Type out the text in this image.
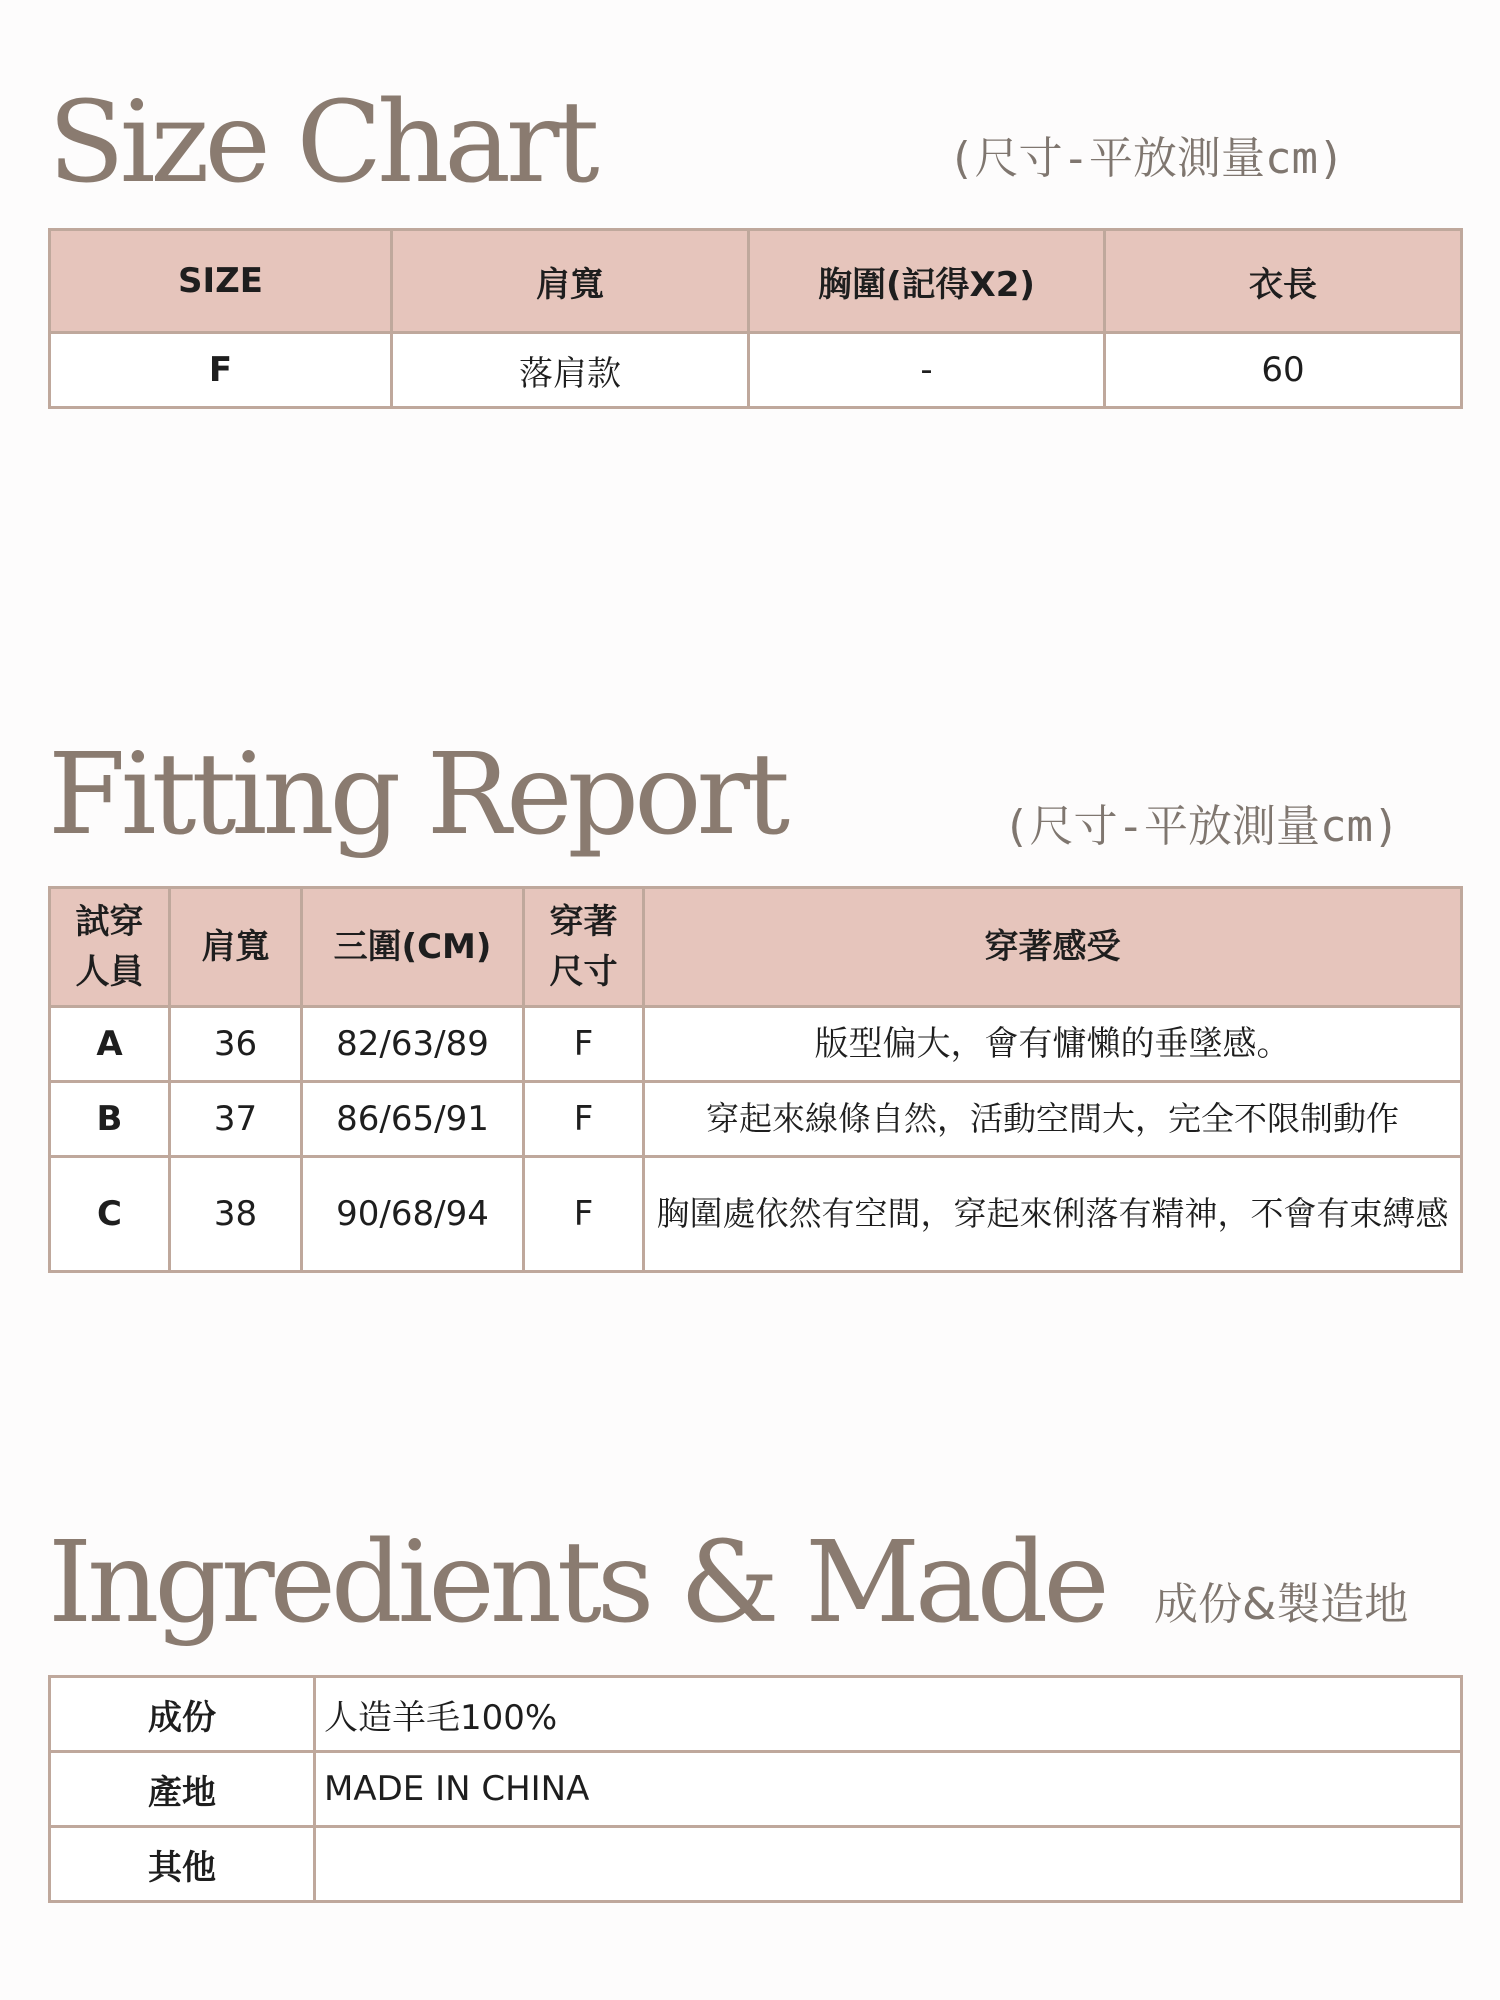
Size Chart	(尺寸-平放測量cm)
SIZE	肩寬	胸圍(記得X2)	衣長
F	落肩款	-	60
Fitting Report	(尺寸-平放測量cm)
試穿人員	肩寬	三圍(CM)	穿著尺寸	穿著感受
A	36	82/63/89	F	版型偏大，會有慵懶的垂墜感。
B	37	86/65/91	F	穿起來線條自然，活動空間大，完全不限制動作
C	38	90/68/94	F	胸圍處依然有空間，穿起來俐落有精神，不會有束縛感
Ingredients & Made 成份&製造地
成份	人造羊毛100%
產地	MADE IN CHINA
其他	
